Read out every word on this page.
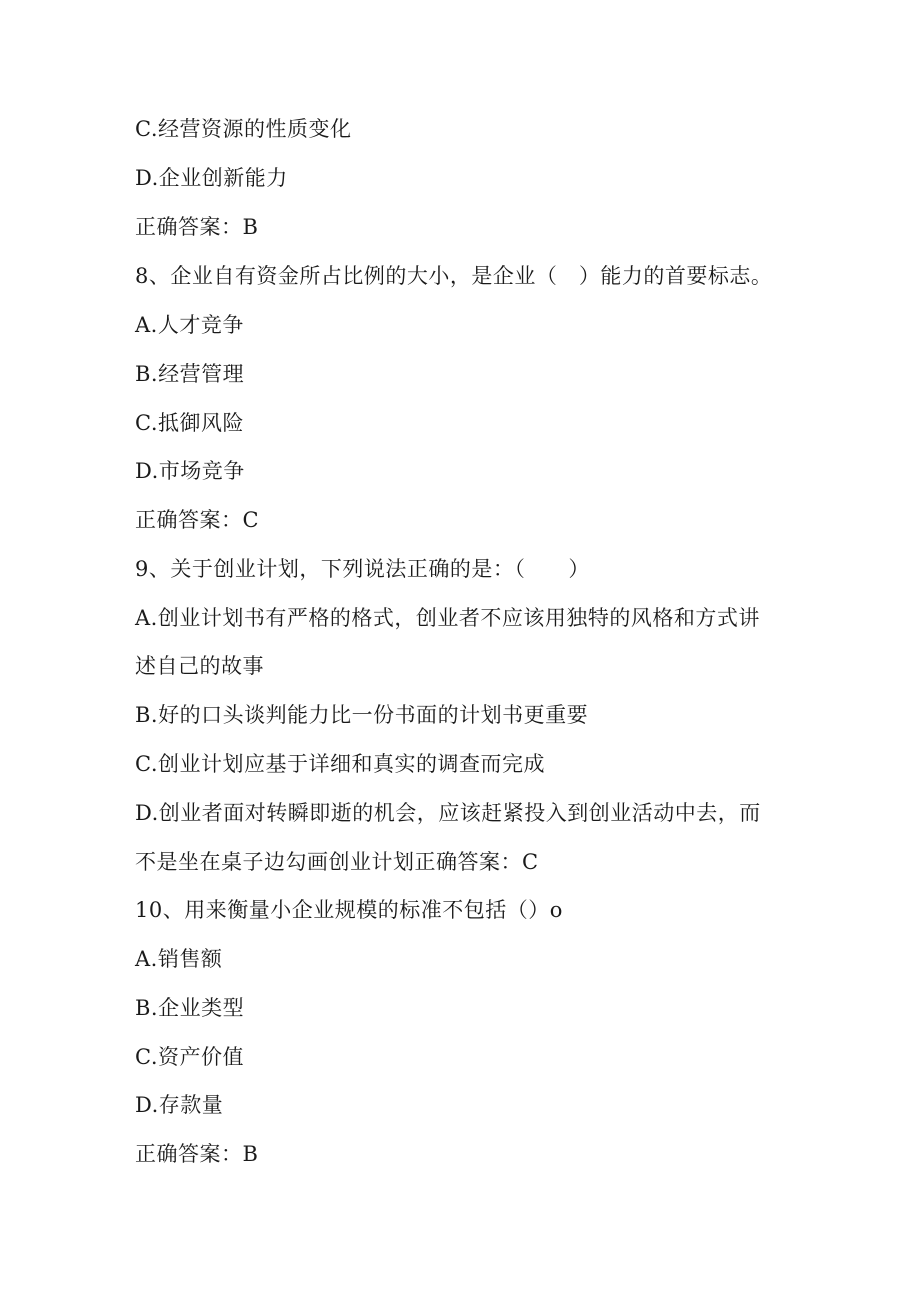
C.经营资源的性质变化

D.企业创新能力

正确答案：B

8、企业自有资金所占比例的大小，是企业（　）能力的首要标志。

A.人才竞争

B.经营管理

C.抵御风险

D.市场竞争

正确答案：C

9、关于创业计划，下列说法正确的是：（　　）

A.创业计划书有严格的格式，创业者不应该用独特的风格和方式讲

述自己的故事

B.好的口头谈判能力比一份书面的计划书更重要

C.创业计划应基于详细和真实的调查而完成

D.创业者面对转瞬即逝的机会，应该赶紧投入到创业活动中去，而

不是坐在桌子边勾画创业计划正确答案：C

10、用来衡量小企业规模的标准不包括（）o

A.销售额

B.企业类型

C.资产价值

D.存款量

正确答案：B
